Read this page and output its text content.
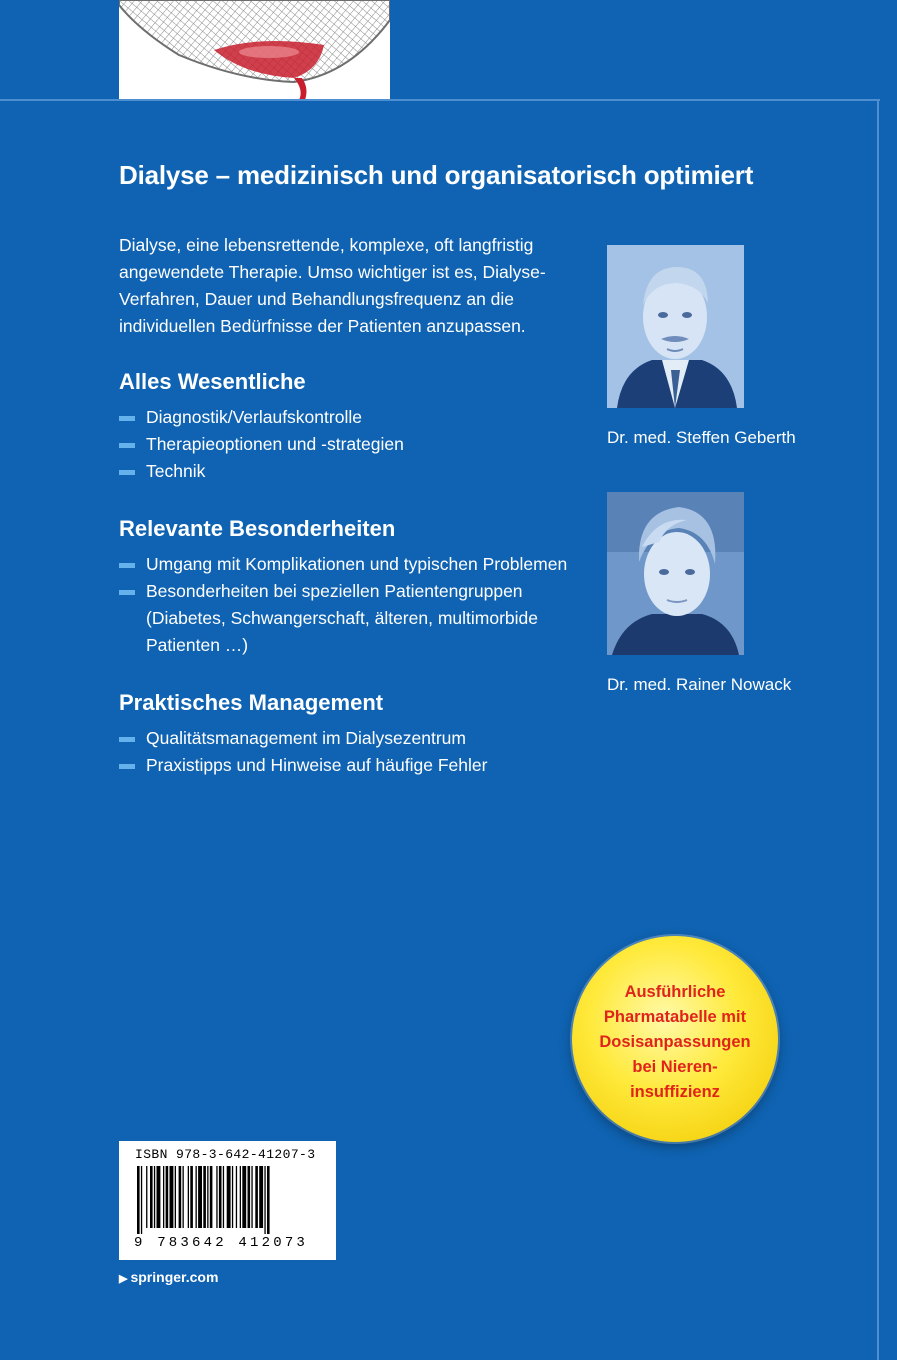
Dialyse – medizinisch und organisatorisch optimiert
Dialyse, eine lebensrettende, komplexe, oft langfristig angewendete Therapie. Umso wichtiger ist es, Dialyse-Verfahren, Dauer und Behandlungsfrequenz an die individuellen Bedürfnisse der Patienten anzupassen.
Alles Wesentliche
Diagnostik/Verlaufskontrolle
Therapieoptionen und -strategien
Technik
Relevante Besonderheiten
Umgang mit Komplikationen und typischen Problemen
Besonderheiten bei speziellen Patientengruppen (Diabetes, Schwangerschaft, älteren, multimorbide Patienten …)
Praktisches Management
Qualitätsmanagement im Dialysezentrum
Praxistipps und Hinweise auf häufige Fehler
Dr. med. Steffen Geberth
Dr. med. Rainer Nowack
Ausführliche
Pharmatabelle mit
Dosisanpassungen
bei Nieren-
insuffizienz
ISBN 978-3-642-41207-3
9 783642 412073
▶ springer.com
